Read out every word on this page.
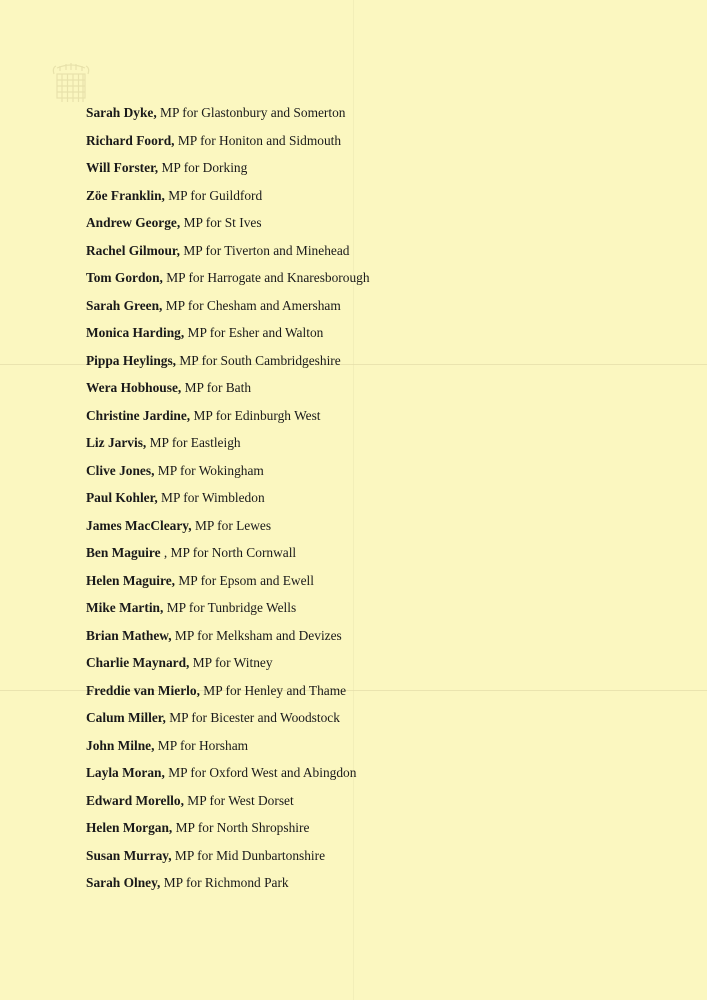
Sarah Dyke, MP for Glastonbury and Somerton
Richard Foord, MP for Honiton and Sidmouth
Will Forster, MP for Dorking
Zöe Franklin, MP for Guildford
Andrew George, MP for St Ives
Rachel Gilmour, MP for Tiverton and Minehead
Tom Gordon, MP for Harrogate and Knaresborough
Sarah Green, MP for Chesham and Amersham
Monica Harding, MP for Esher and Walton
Pippa Heylings, MP for South Cambridgeshire
Wera Hobhouse, MP for Bath
Christine Jardine, MP for Edinburgh West
Liz Jarvis, MP for Eastleigh
Clive Jones, MP for Wokingham
Paul Kohler, MP for Wimbledon
James MacCleary, MP for Lewes
Ben Maguire , MP for North Cornwall
Helen Maguire, MP for Epsom and Ewell
Mike Martin, MP for Tunbridge Wells
Brian Mathew, MP for Melksham and Devizes
Charlie Maynard, MP for Witney
Freddie van Mierlo, MP for Henley and Thame
Calum Miller, MP for Bicester and Woodstock
John Milne, MP for Horsham
Layla Moran, MP for Oxford West and Abingdon
Edward Morello, MP for West Dorset
Helen Morgan, MP for North Shropshire
Susan Murray, MP for Mid Dunbartonshire
Sarah Olney, MP for Richmond Park
